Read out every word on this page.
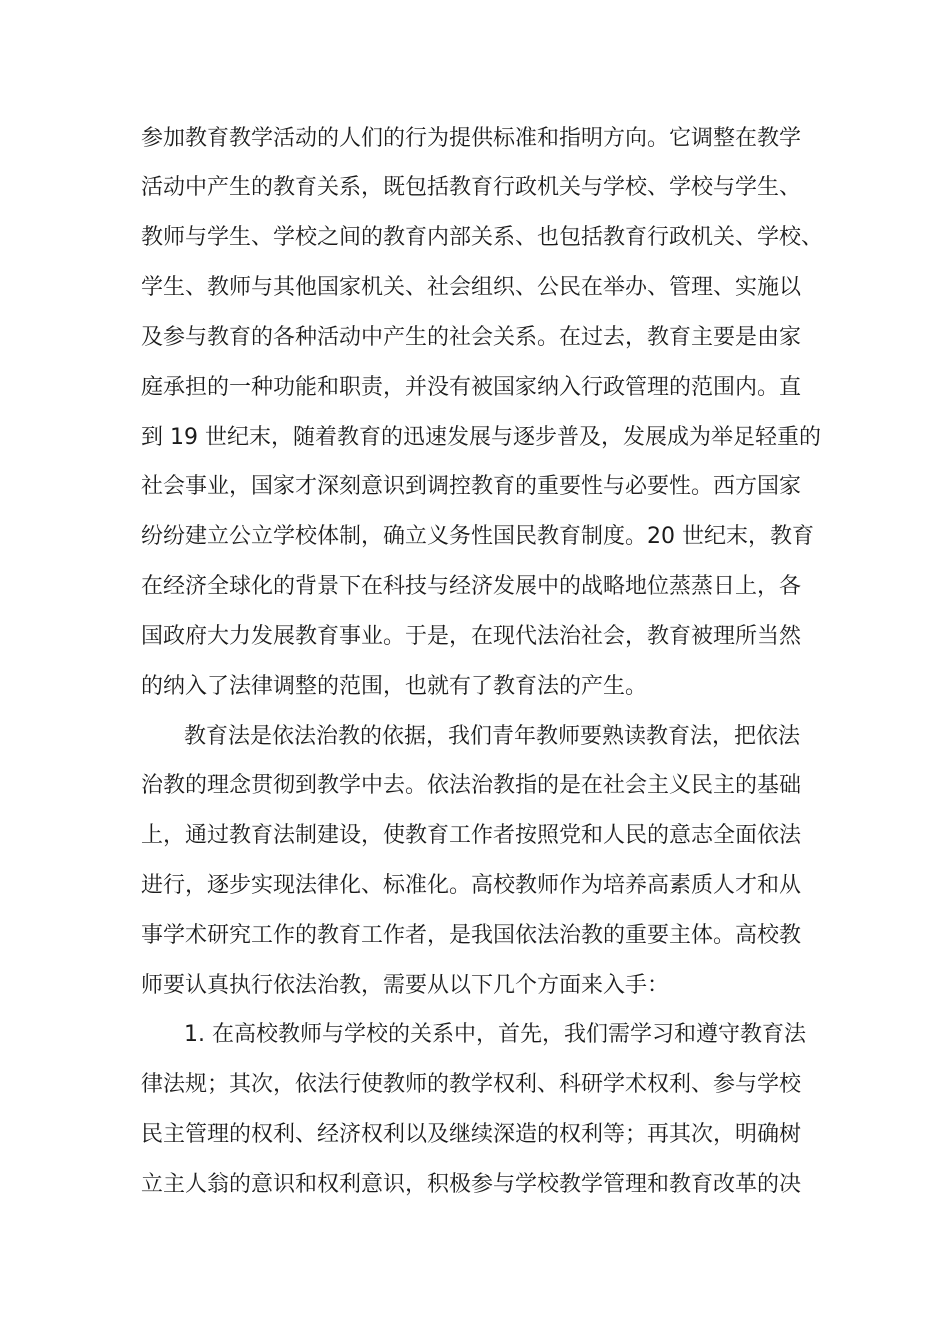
参加教育教学活动的人们的行为提供标准和指明方向。它调整在教学
活动中产生的教育关系，既包括教育行政机关与学校、学校与学生、
教师与学生、学校之间的教育内部关系、也包括教育行政机关、学校、
学生、教师与其他国家机关、社会组织、公民在举办、管理、实施以
及参与教育的各种活动中产生的社会关系。在过去，教育主要是由家
庭承担的一种功能和职责，并没有被国家纳入行政管理的范围内。直
到 19 世纪末，随着教育的迅速发展与逐步普及，发展成为举足轻重的
社会事业，国家才深刻意识到调控教育的重要性与必要性。西方国家
纷纷建立公立学校体制，确立义务性国民教育制度。20 世纪末，教育
在经济全球化的背景下在科技与经济发展中的战略地位蒸蒸日上，各
国政府大力发展教育事业。于是，在现代法治社会，教育被理所当然
的纳入了法律调整的范围，也就有了教育法的产生。
教育法是依法治教的依据，我们青年教师要熟读教育法，把依法
治教的理念贯彻到教学中去。依法治教指的是在社会主义民主的基础
上，通过教育法制建设，使教育工作者按照党和人民的意志全面依法
进行，逐步实现法律化、标准化。高校教师作为培养高素质人才和从
事学术研究工作的教育工作者，是我国依法治教的重要主体。高校教
师要认真执行依法治教，需要从以下几个方面来入手：
1. 在高校教师与学校的关系中，首先，我们需学习和遵守教育法
律法规；其次，依法行使教师的教学权利、科研学术权利、参与学校
民主管理的权利、经济权利以及继续深造的权利等；再其次，明确树
立主人翁的意识和权利意识，积极参与学校教学管理和教育改革的决
